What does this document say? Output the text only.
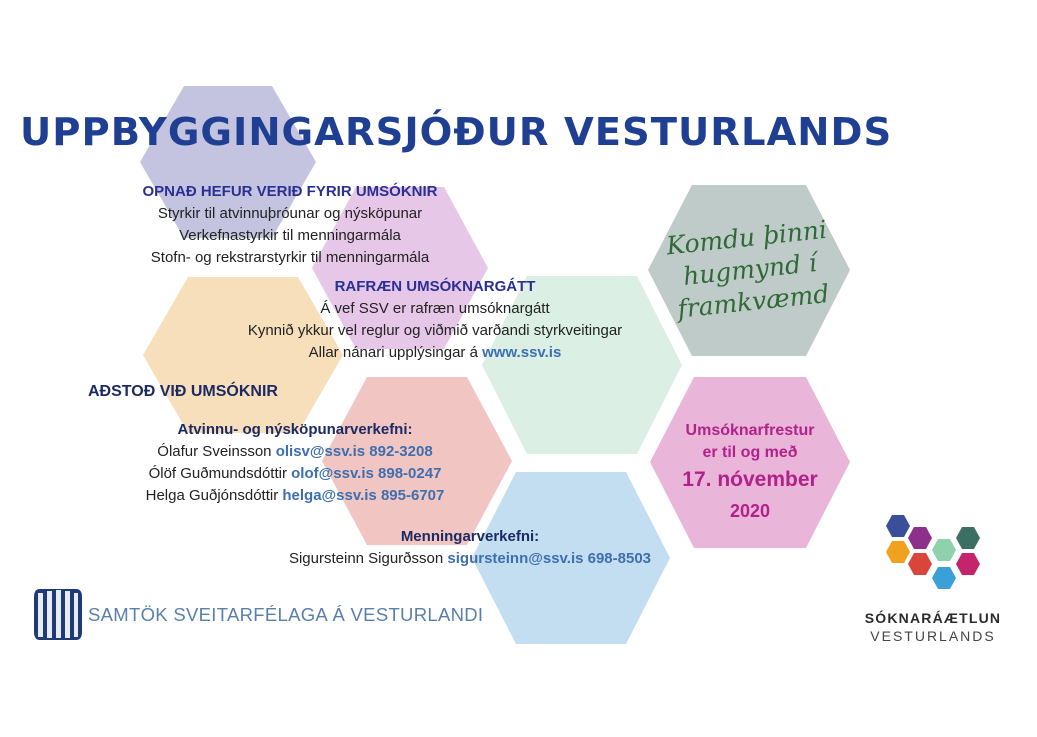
UPPBYGGINGARSJÓÐUR VESTURLANDS
OPNAÐ HEFUR VERIÐ FYRIR UMSÓKNIR
Styrkir til atvinnuþróunar og nýsköpunar
Verkefnastyrkir til menningarmála
Stofn- og rekstrarstyrkir til menningarmála
RAFRÆN UMSÓKNARGÁTT
Á vef SSV er rafræn umsóknargátt
Kynnið ykkur vel reglur og viðmið varðandi styrkveitingar
Allar nánari upplýsingar á www.ssv.is
AÐSTOÐ VIÐ UMSÓKNIR
Atvinnu- og nýsköpunarverkefni:
Ólafur Sveinsson olisv@ssv.is 892-3208
Ólöf Guðmundsdóttir olof@ssv.is 898-0247
Helga Guðjónsdóttir helga@ssv.is 895-6707
Menningarverkefni:
Sigursteinn Sigurðsson sigursteinn@ssv.is 698-8503
Komdu þinni
hugmynd í
framkvæmd
Umsóknarfrestur
er til og með
17. nóvember
2020
SAMTÖK SVEITARFÉLAGA Á VESTURLANDI	SÓKNARÁÆTLUN
VESTURLANDS
